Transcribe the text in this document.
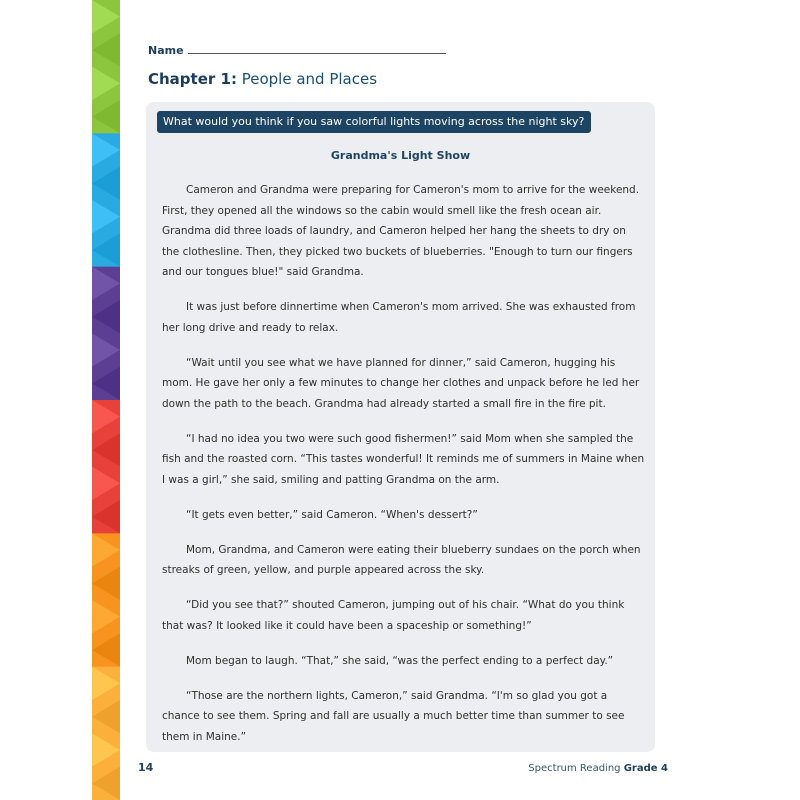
Name
Chapter 1: People and Places
What would you think if you saw colorful lights moving across the night sky?
Grandma's Light Show

Cameron and Grandma were preparing for Cameron's mom to arrive for the weekend. First, they opened all the windows so the cabin would smell like the fresh ocean air. Grandma did three loads of laundry, and Cameron helped her hang the sheets to dry on the clothesline. Then, they picked two buckets of blueberries. "Enough to turn our fingers and our tongues blue!" said Grandma.

It was just before dinnertime when Cameron's mom arrived. She was exhausted from her long drive and ready to relax.

“Wait until you see what we have planned for dinner,” said Cameron, hugging his mom. He gave her only a few minutes to change her clothes and unpack before he led her down the path to the beach. Grandma had already started a small fire in the fire pit.

“I had no idea you two were such good fishermen!” said Mom when she sampled the fish and the roasted corn. “This tastes wonderful! It reminds me of summers in Maine when I was a girl,” she said, smiling and patting Grandma on the arm.

“It gets even better,” said Cameron. “When's dessert?”

Mom, Grandma, and Cameron were eating their blueberry sundaes on the porch when streaks of green, yellow, and purple appeared across the sky.

“Did you see that?” shouted Cameron, jumping out of his chair. “What do you think that was? It looked like it could have been a spaceship or something!”

Mom began to laugh. “That,” she said, “was the perfect ending to a perfect day.”

“Those are the northern lights, Cameron,” said Grandma. “I'm so glad you got a chance to see them. Spring and fall are usually a much better time than summer to see them in Maine.”

14	Spectrum Reading Grade 4
